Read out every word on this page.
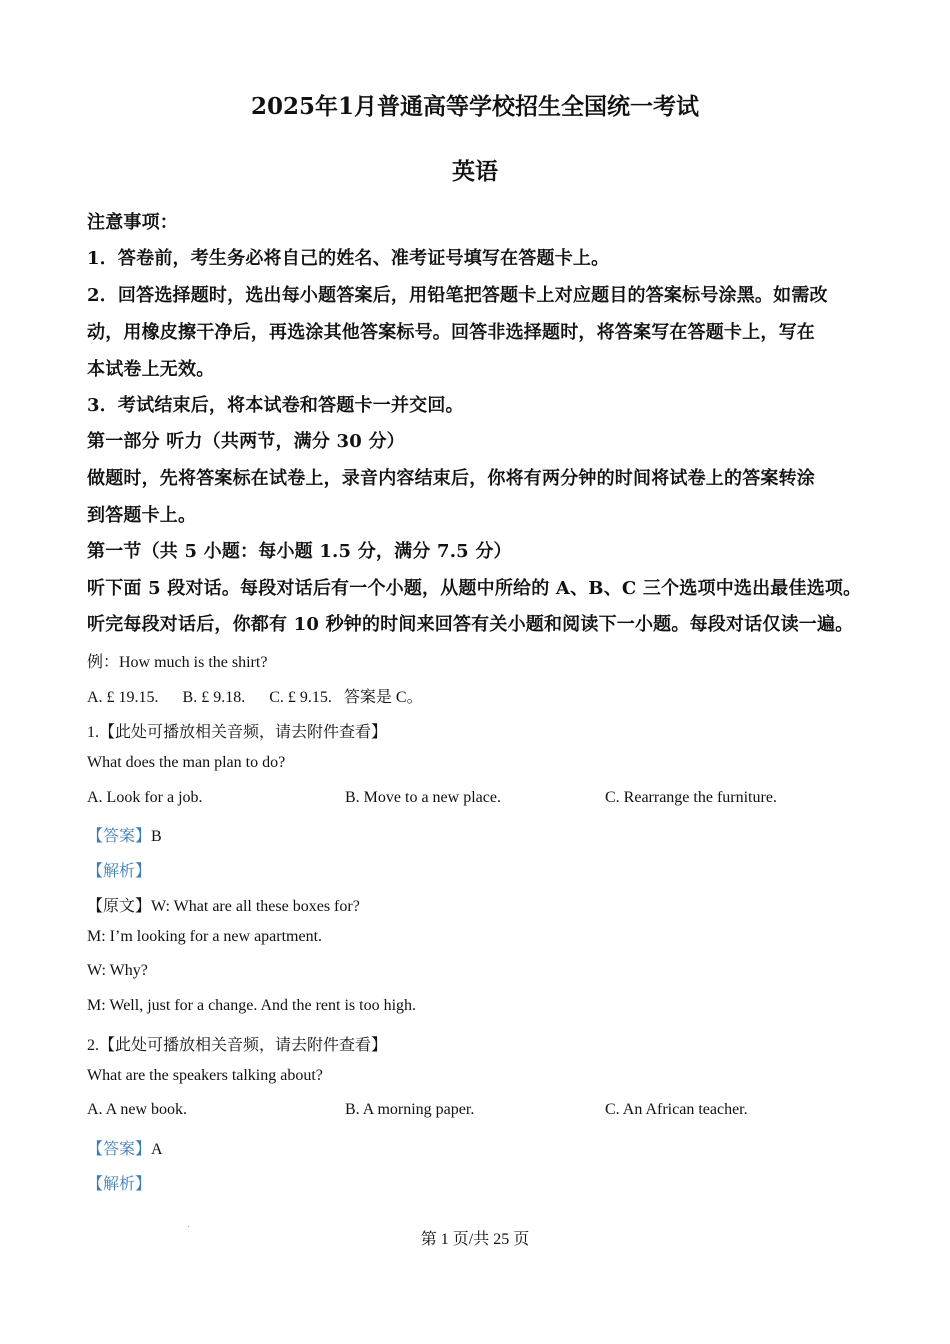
2025年1月普通高等学校招生全国统一考试
英语
注意事项：
1．答卷前，考生务必将自己的姓名、准考证号填写在答题卡上。
2．回答选择题时，选出每小题答案后，用铅笔把答题卡上对应题目的答案标号涂黑。如需改
动，用橡皮擦干净后，再选涂其他答案标号。回答非选择题时，将答案写在答题卡上，写在
本试卷上无效。
3．考试结束后，将本试卷和答题卡一并交回。
第一部分 听力（共两节，满分 30 分）
做题时，先将答案标在试卷上，录音内容结束后，你将有两分钟的时间将试卷上的答案转涂
到答题卡上。
第一节（共 5 小题：每小题 1.5 分，满分 7.5 分）
听下面 5 段对话。每段对话后有一个小题，从题中所给的 A、B、C 三个选项中选出最佳选项。
听完每段对话后，你都有 10 秒钟的时间来回答有关小题和阅读下一小题。每段对话仅读一遍。
例：How much is the shirt?
A. £ 19.15.      B. £ 9.18.      C. £ 9.15.   答案是 C。
1.【此处可播放相关音频，请去附件查看】
What does the man plan to do?
A. Look for a job.	B. Move to a new place.	C. Rearrange the furniture.
【答案】B
【解析】
【原文】W: What are all these boxes for?
M: I’m looking for a new apartment.
W: Why?
M: Well, just for a change. And the rent is too high.
2.【此处可播放相关音频，请去附件查看】
What are the speakers talking about?
A. A new book.	B. A morning paper.	C. An African teacher.
【答案】A
【解析】
第 1 页/共 25 页
